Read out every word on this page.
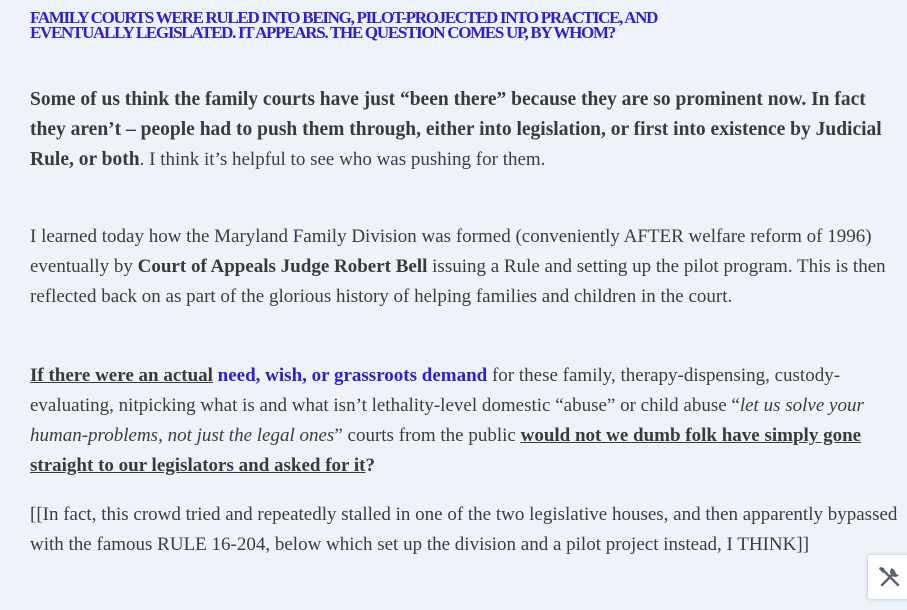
FAMILY COURTS WERE RULED INTO BEING, PILOT-PROJECTED INTO PRACTICE, AND
EVENTUALLY LEGISLATED. IT APPEARS. THE QUESTION COMES UP, BY WHOM?

Some of us think the family courts have just “been there” because they are so prominent now. In fact they aren’t – people had to push them through, either into legislation, or first into existence by Judicial Rule, or both. I think it’s helpful to see who was pushing for them.

I learned today how the Maryland Family Division was formed (conveniently AFTER welfare reform of 1996) eventually by Court of Appeals Judge Robert Bell issuing a Rule and setting up the pilot program. This is then reflected back on as part of the glorious history of helping families and children in the court.

If there were an actual need, wish, or grassroots demand for these family, therapy-dispensing, custody-evaluating, nitpicking what is and what isn’t lethality-level domestic “abuse” or child abuse “let us solve your human-problems, not just the legal ones” courts from the public would not we dumb folk have simply gone straight to our legislators and asked for it?

[[In fact, this crowd tried and repeatedly stalled in one of the two legislative houses, and then apparently bypassed with the famous RULE 16-204, below which set up the division and a pilot project instead, I THINK]]
